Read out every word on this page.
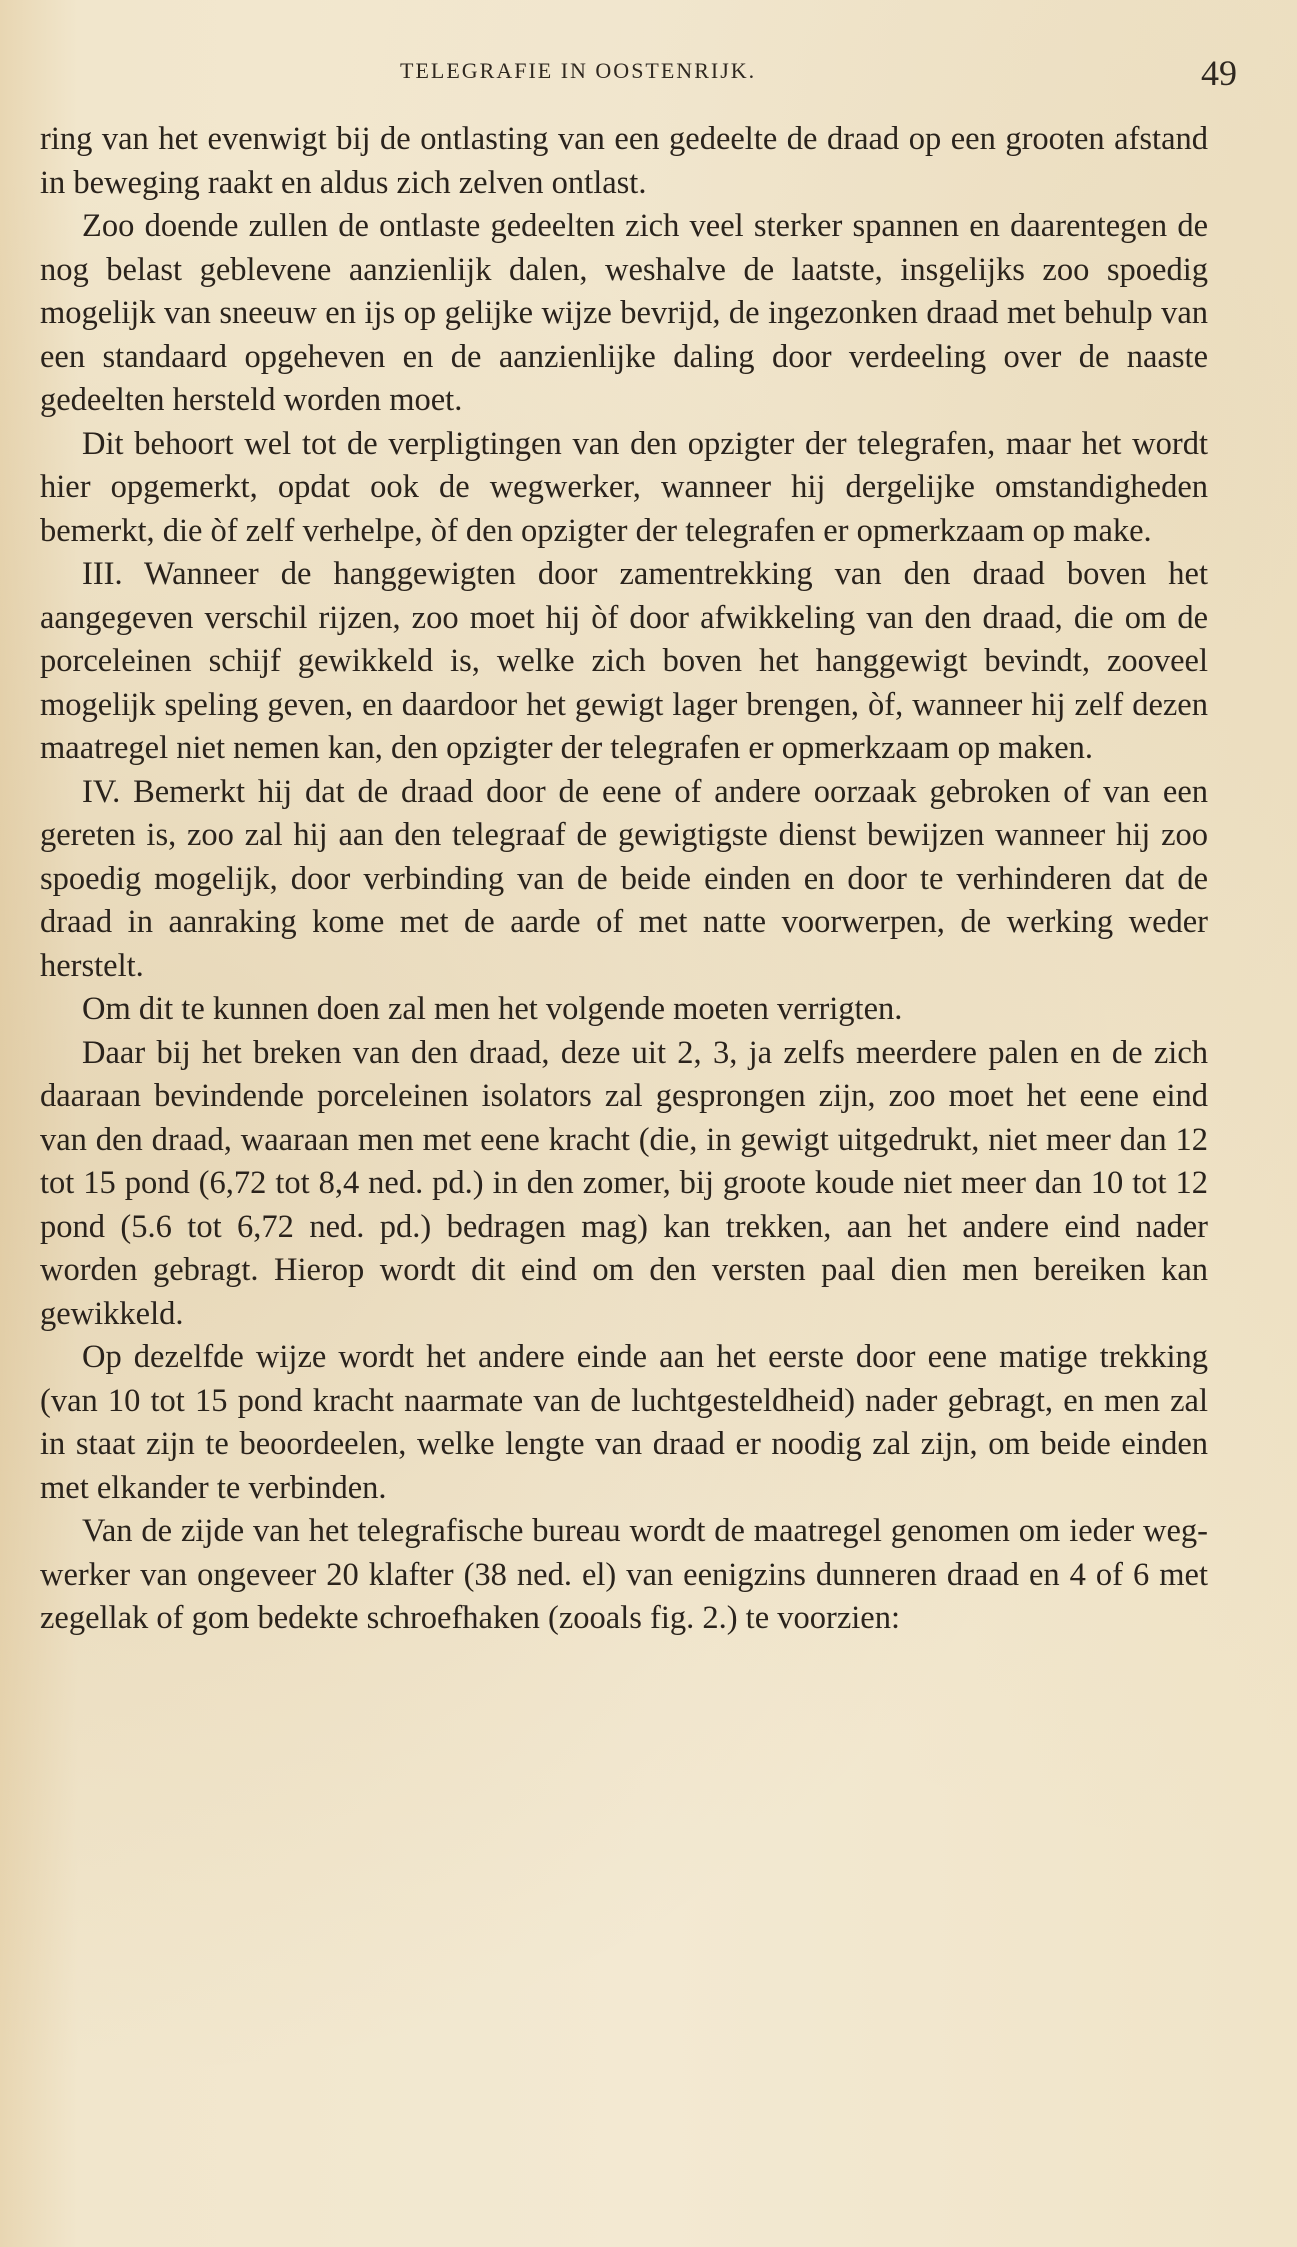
TELEGRAFIE IN OOSTENRIJK.	49

ring van het evenwigt bij de ontlasting van een gedeelte de draad op een grooten afstand in beweging raakt en aldus zich zelven ontlast.

Zoo doende zullen de ontlaste gedeelten zich veel sterker spannen en daarentegen de nog belast geblevene aanzienlijk dalen, weshalve de laatste, insgelijks zoo spoedig mogelijk van sneeuw en ijs op gelijke wijze bevrijd, de ingezonken draad met behulp van een standaard opgeheven en de aanzienlijke daling door verdeeling over de naaste gedeelten hersteld worden moet.

Dit behoort wel tot de verpligtingen van den opzigter der telegrafen, maar het wordt hier opgemerkt, opdat ook de wegwerker, wanneer hij dergelijke omstandigheden bemerkt, die òf zelf verhelpe, òf den opzigter der telegrafen er opmerkzaam op make.

III. Wanneer de hanggewigten door zamentrekking van den draad boven het aangegeven verschil rijzen, zoo moet hij òf door afwikkeling van den draad, die om de porceleinen schijf gewikkeld is, welke zich boven het hanggewigt bevindt, zooveel mogelijk speling geven, en daardoor het gewigt lager brengen, òf, wanneer hij zelf dezen maatregel niet nemen kan, den opzigter der telegrafen er opmerkzaam op maken.

IV. Bemerkt hij dat de draad door de eene of andere oorzaak gebroken of van een gereten is, zoo zal hij aan den telegraaf de gewigtigste dienst bewijzen wanneer hij zoo spoedig mogelijk, door verbinding van de beide einden en door te verhinderen dat de draad in aanraking kome met de aarde of met natte voorwerpen, de werking weder herstelt.

Om dit te kunnen doen zal men het volgende moeten verrigten.

Daar bij het breken van den draad, deze uit 2, 3, ja zelfs meerdere palen en de zich daaraan bevindende porceleinen isolators zal gesprongen zijn, zoo moet het eene eind van den draad, waaraan men met eene kracht (die, in gewigt uitgedrukt, niet meer dan 12 tot 15 pond (6,72 tot 8,4 ned. pd.) in den zomer, bij groote koude niet meer dan 10 tot 12 pond (5.6 tot 6,72 ned. pd.) bedragen mag) kan trekken, aan het andere eind nader worden gebragt. Hierop wordt dit eind om den versten paal dien men bereiken kan gewikkeld.

Op dezelfde wijze wordt het andere einde aan het eerste door eene matige trekking (van 10 tot 15 pond kracht naarmate van de luchtgesteldheid) nader gebragt, en men zal in staat zijn te beoordeelen, welke lengte van draad er noodig zal zijn, om beide einden met elkander te verbinden.

Van de zijde van het telegrafische bureau wordt de maatregel genomen om ieder weg-werker van ongeveer 20 klafter (38 ned. el) van eenigzins dunneren draad en 4 of 6 met zegellak of gom bedekte schroefhaken (zooals fig. 2.) te voorzien:
